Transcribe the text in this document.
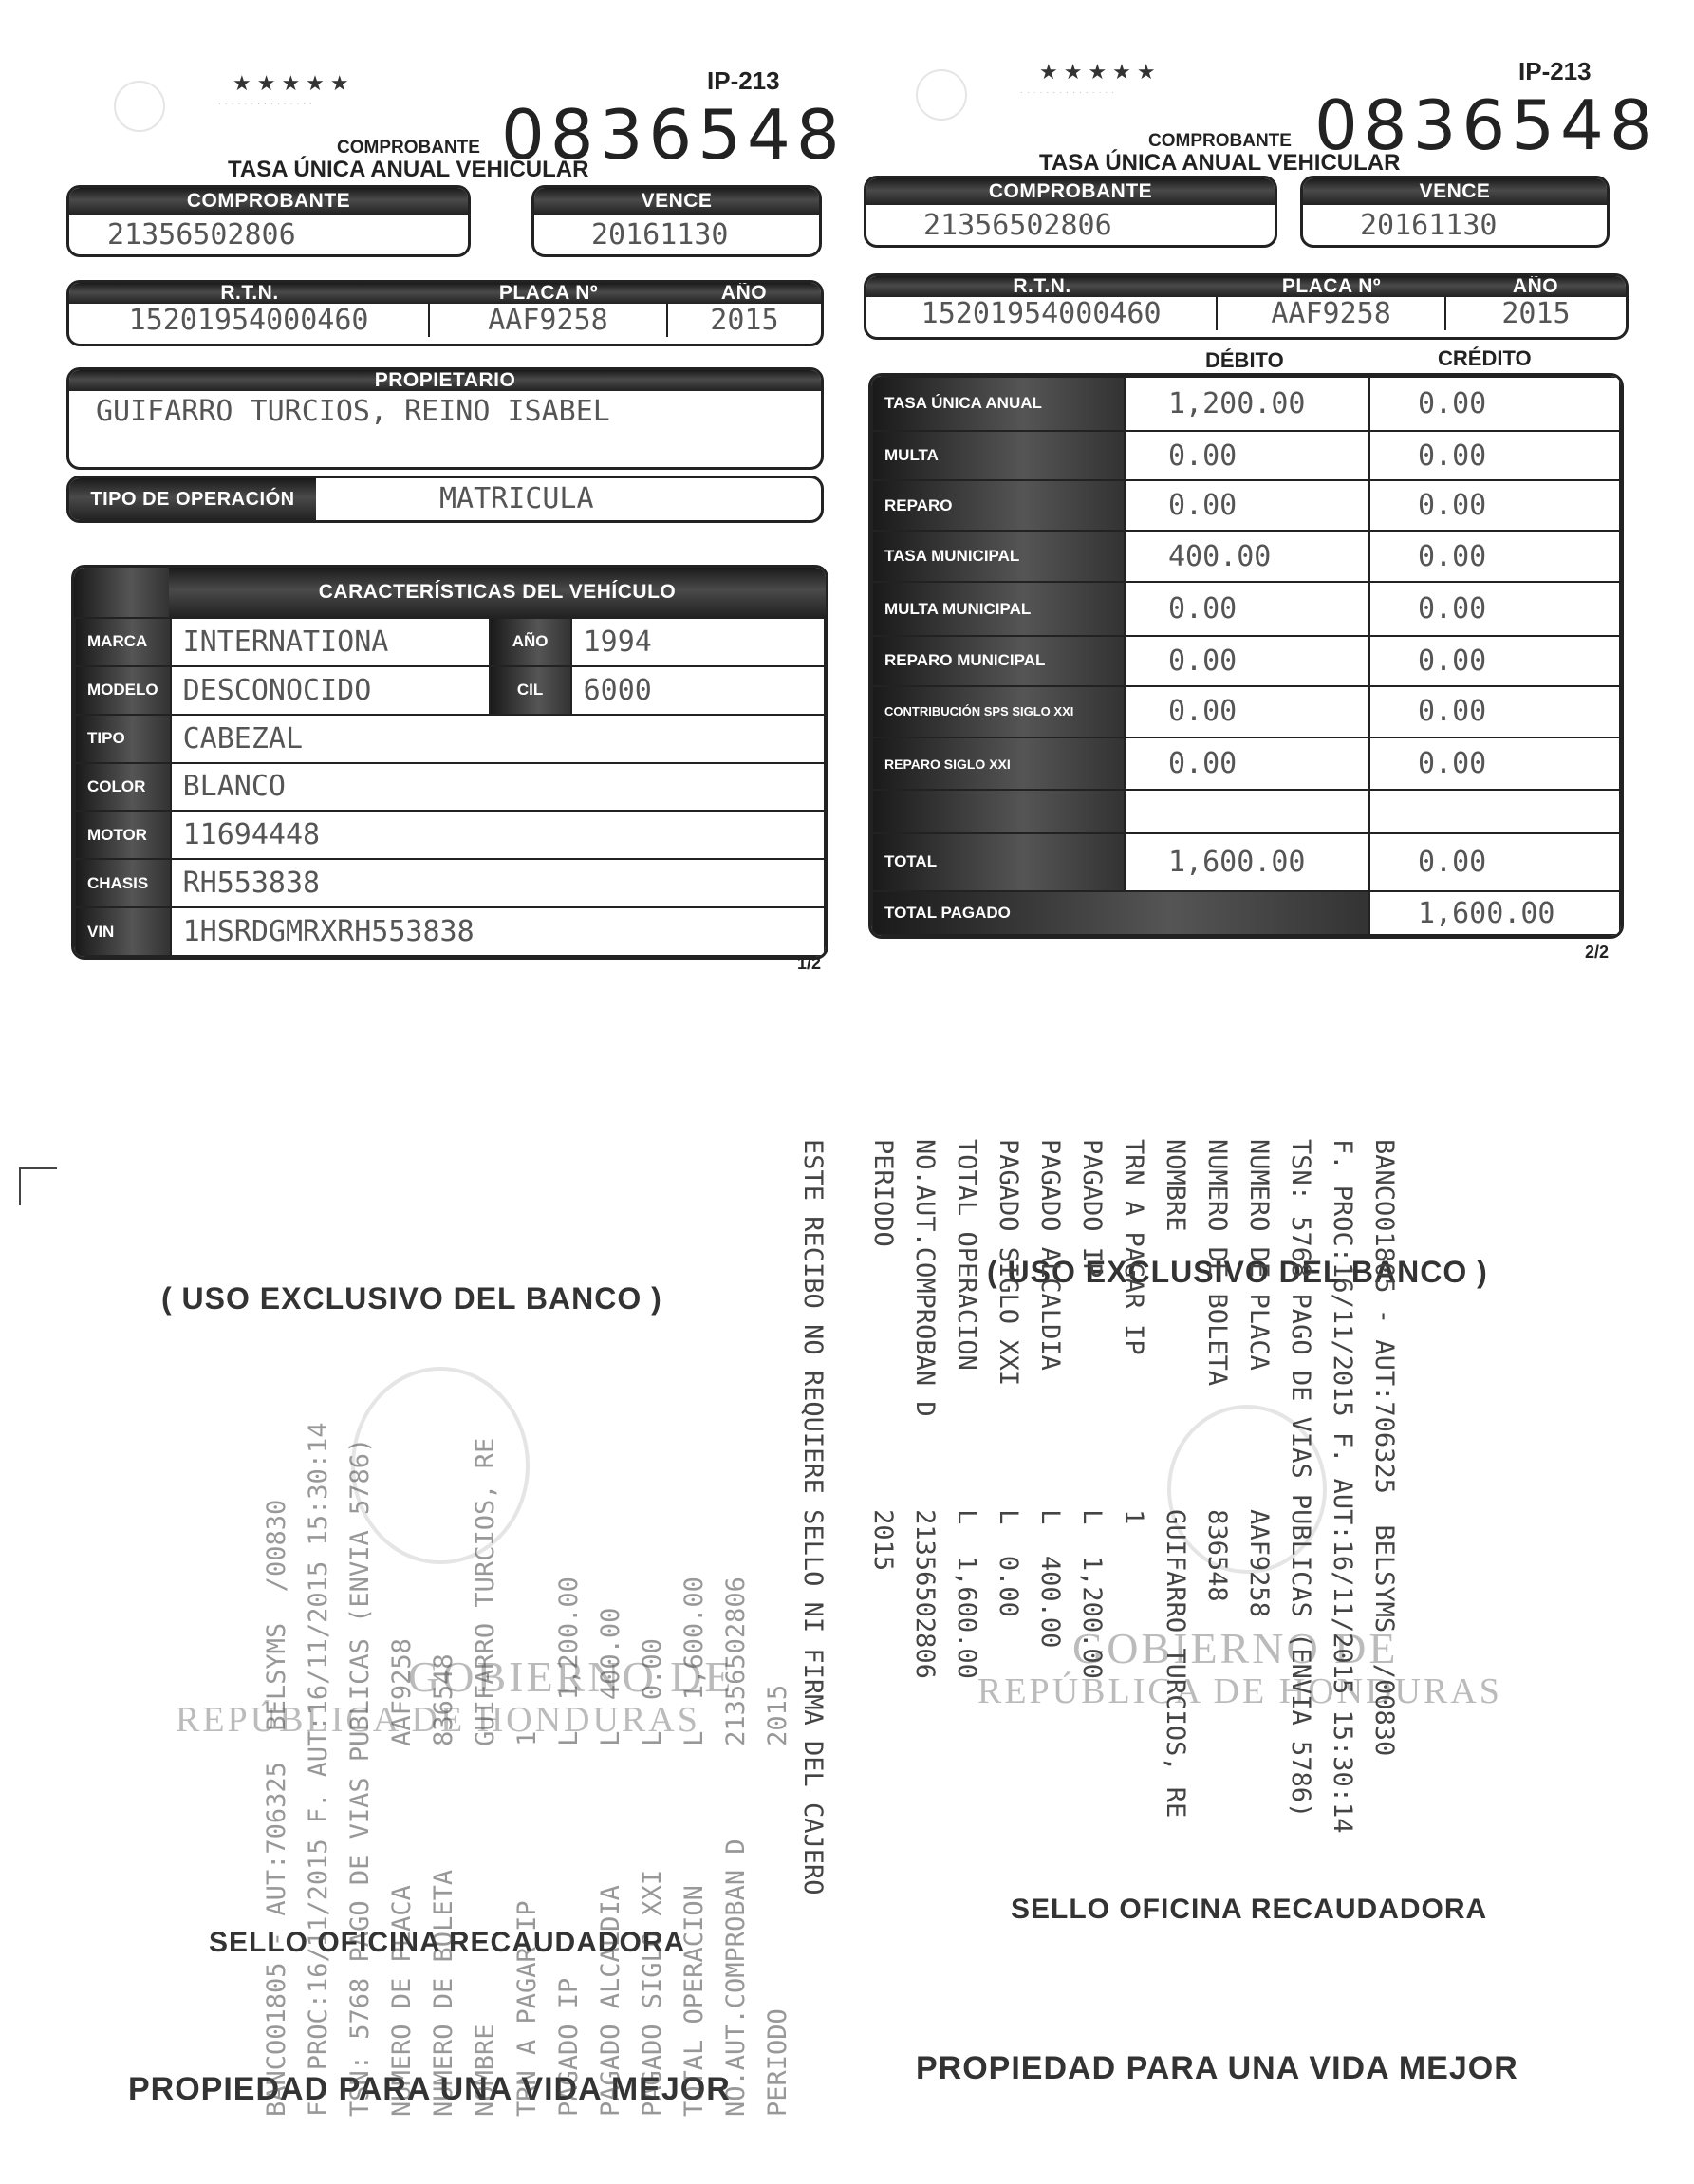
★★★★★
· · · · · · · · · · · · · · ·
IP-213
COMPROBANTE 0836548
TASA ÚNICA ANUAL VEHICULAR
COMPROBANTE
21356502806
VENCE
20161130
R.T.N.	PLACA Nº	AÑO
15201954000460	AAF9258	2015
PROPIETARIO
GUIFARRO TURCIOS, REINO ISABEL
TIPO DE OPERACIÓN	MATRICULA
CARACTERÍSTICAS DEL VEHÍCULO
MARCA	INTERNATIONA	AÑO	1994
MODELO	DESCONOCIDO	CIL	6000
TIPO	CABEZAL		
COLOR	BLANCO		
MOTOR	11694448		
CHASIS	RH553838		
VIN	1HSRDGMRXRH553838		
1/2
★★★★★
· · · · · · · · · · · · · · ·
IP-213
COMPROBANTE 0836548
TASA ÚNICA ANUAL VEHICULAR
COMPROBANTE
21356502806
VENCE
20161130
R.T.N.	PLACA Nº	AÑO
15201954000460	AAF9258	2015
DÉBITO	CRÉDITO
TASA ÚNICA ANUAL	1,200.00	0.00
MULTA	0.00	0.00
REPARO	0.00	0.00
TASA MUNICIPAL	400.00	0.00
MULTA MUNICIPAL	0.00	0.00
REPARO MUNICIPAL	0.00	0.00
CONTRIBUCIÓN SPS SIGLO XXI	0.00	0.00
REPARO SIGLO XXI	0.00	0.00

TOTAL	1,600.00	0.00
TOTAL PAGADO		1,600.00
2/2
( USO EXCLUSIVO DEL BANCO )
GOBIERNO DE
REPÚBLICA DE HONDURAS
SELLO OFICINA RECAUDADORA
PROPIEDAD PARA UNA VIDA MEJOR
( USO EXCLUSIVO DEL BANCO )
GOBIERNO DE
REPÚBLICA DE HONDURAS
SELLO OFICINA RECAUDADORA
PROPIEDAD PARA UNA VIDA MEJOR
BANCO01805 - AUT:706325  BELSYMS  /00830
F. PROC:16/11/2015 F. AUT:16/11/2015 15:30:14
TSN: 5768 PAGO DE VIAS PUBLICAS (ENVIA 5786)
NUMERO DE PLACA         AAF9258
NUMERO DE BOLETA        836548
NOMBRE                  GUIFARRO TURCIOS, RE
TRN A PAGAR IP          1
PAGADO IP               L  1,200.00
PAGADO ALCALDIA         L  400.00
PAGADO SIGLO XXI        L  0.00
TOTAL OPERACION         L  1,600.00
NO.AUT.COMPROBAN D      21356502806
PERIODO                 2015
ESTE RECIBO NO REQUIERE SELLO NI FIRMA DEL CAJERO
BANCO01805 - AUT:706325  BELSYMS  /00830 F. PROC:16/11/2015 F. AUT:16/11/2015 15:30:14 TSN: 5768 PAGO DE VIAS PUBLICAS (ENVIA 5786) NUMERO DE PLACA         AAF9258 NUMERO DE BOLETA        836548 NOMBRE                  GUIFARRO TURCIOS, RE TRN A PAGAR IP          1 PAGADO IP               L  1,200.00 PAGADO ALCALDIA         L  400.00 PAGADO SIGLO XXI        L  0.00 TOTAL OPERACION         L  1,600.00 NO.AUT.COMPROBAN D      21356502806 PERIODO                 2015
